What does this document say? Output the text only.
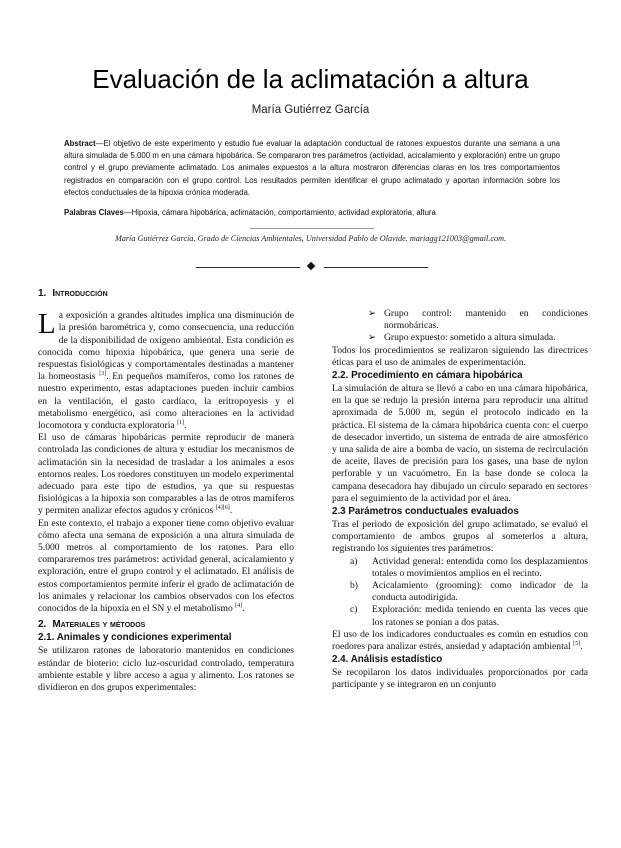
Evaluación de la aclimatación a altura
María Gutiérrez García
Abstract—El objetivo de este experimento y estudio fue evaluar la adaptación conductual de ratones expuestos durante una semana a una altura simulada de 5.000 m en una cámara hipobárica. Se compararon tres parámetros (actividad, acicalamiento y exploración) entre un grupo control y el grupo previamente aclimatado. Los animales expuestos a la altura mostraron diferencias claras en los tres comportamientos registrados en comparación con el grupo control. Los resultados permiten identificar el grupo aclimatado y aportan información sobre los efectos conductuales de la hipoxia crónica moderada.
Palabras Claves—Hipoxia, cámara hipobárica, aclimatación, comportamiento, actividad exploratoria, altura
María Gutiérrez García. Grado de Ciencias Ambientales, Universidad Pablo de Olavide. mariagg121003@gmail.com.
1. Introducción

La exposición a grandes altitudes implica una disminución de la presión barométrica y, como consecuencia, una reducción de la disponibilidad de oxígeno ambiental. Esta condición es conocida como hipoxia hipobárica, que genera una serie de respuestas fisiológicas y comportamentales destinadas a mantener la homeostasis [3]. En pequeños mamíferos, como los ratones de nuestro experimento, estas adaptaciones pueden incluir cambios en la ventilación, el gasto cardíaco, la eritropoyesis y el metabolismo energético, así como alteraciones en la actividad locomotora y conducta exploratoria [1].

El uso de cámaras hipobáricas permite reproducir de manera controlada las condiciones de altura y estudiar los mecanismos de aclimatación sin la necesidad de trasladar a los animales a esos entornos reales. Los roedores constituyen un modelo experimental adecuado para este tipo de estudios, ya que su respuestas fisiológicas a la hipoxia son comparables a las de otros mamíferos y permiten analizar efectos agudos y crónicos [4][6].

En este contexto, el trabajo a exponer tiene como objetivo evaluar cómo afecta una semana de exposición a una altura simulada de 5.000 metros al comportamiento de los ratones. Para ello compararemos tres parámetros: actividad general, acicalamiento y exploración, entre el grupo control y el aclimatado. El análisis de estos comportamientos permite inferir el grado de aclimatación de los animales y relacionar los cambios observados con los efectos conocidos de la hipoxia en el SN y el metabolismo [4].

2. Materiales y métodos
2.1. Animales y condiciones experimental

Se utilizaron ratones de laboratorio mantenidos en condiciones estándar de bioterio: ciclo luz-oscuridad controlado, temperatura ambiente estable y libre acceso a agua y alimento. Los ratones se dividieron en dos grupos experimentales:

➢ Grupo control: mantenido en condiciones normobáricas.
➢ Grupo expuesto: sometido a altura simulada.

Todos los procedimientos se realizaron siguiendo las directrices éticas para el uso de animales de experimentación.

2.2. Procedimiento en cámara hipobárica

La simulación de altura se llevó a cabo en una cámara hipobárica, en la que se redujo la presión interna para reproducir una altitud aproximada de 5.000 m, según el protocolo indicado en la práctica. El sistema de la cámara hipobárica cuenta con: el cuerpo de desecador invertido, un sistema de entrada de aire atmosférico y una salida de aire a bomba de vacío, un sistema de recirculación de aceite, llaves de precisión para los gases, una base de nylon perforable y un vacuómetro. En la base donde se coloca la campana desecadora hay dibujado un círculo separado en sectores para el seguimiento de la actividad por el área.

2.3 Parámetros conductuales evaluados

Tras el periodo de exposición del grupo aclimatado, se evaluó el comportamiento de ambos grupos al someterlos a altura, registrando los siguientes tres parámetros:

a) Actividad general: entendida como los desplazamientos totales o movimientos amplios en el recinto.
b) Acicalamiento (grooming): como indicador de la conducta autodirigida.
c) Exploración: medida teniendo en cuenta las veces que los ratones se ponían a dos patas.

El uso de los indicadores conductuales es común en estudios con roedores para analizar estrés, ansiedad y adaptación ambiental [5].

2.4. Análisis estadístico

Se recopilaron los datos individuales proporcionados por cada participante y se integraron en un conjunto
